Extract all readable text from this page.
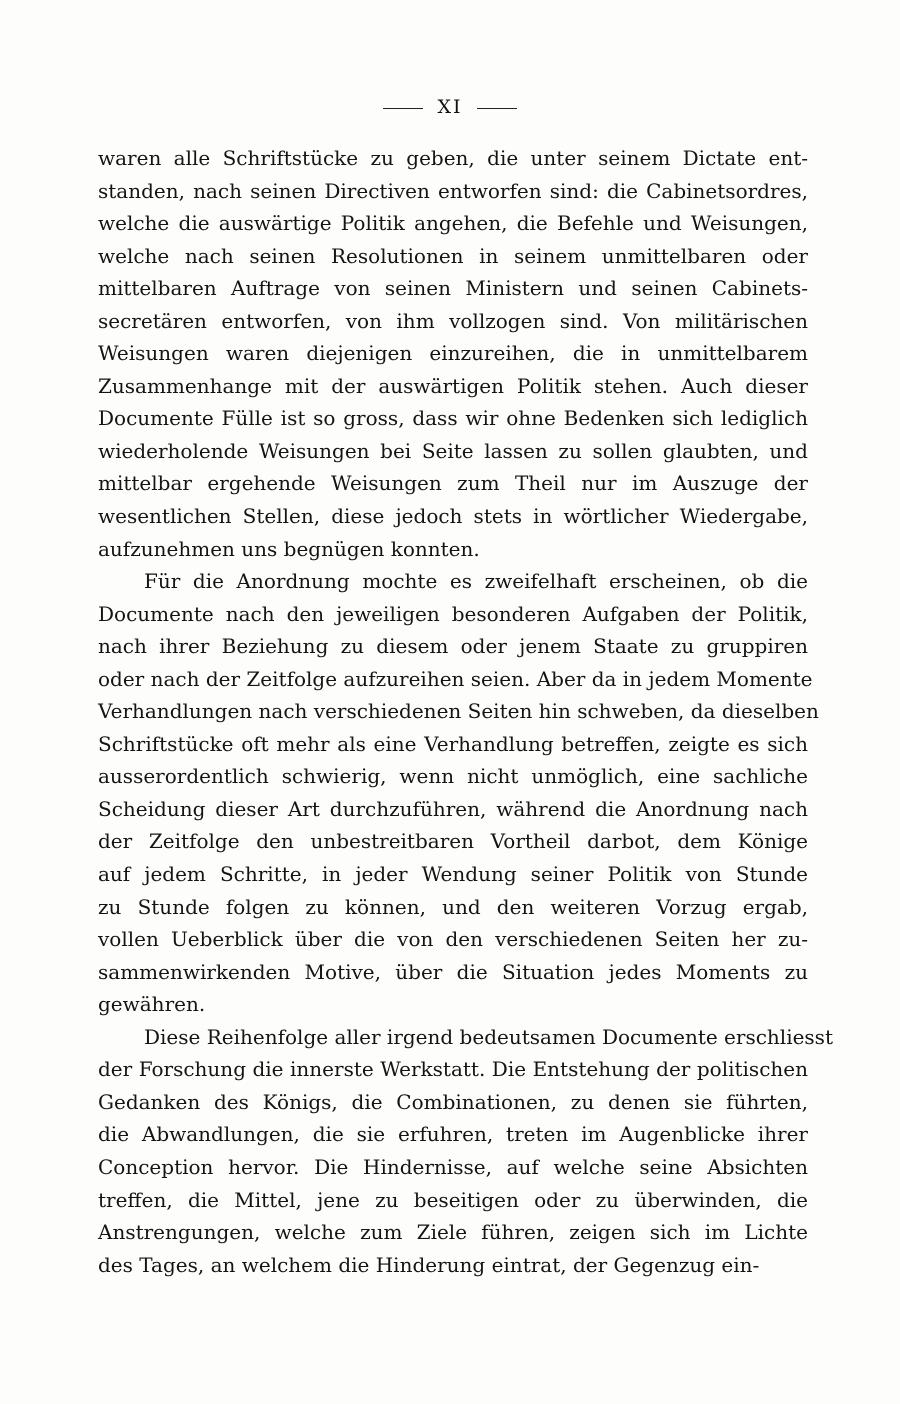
XI
waren alle Schriftstücke zu geben, die unter seinem Dictate ent-
standen, nach seinen Directiven entworfen sind: die Cabinetsordres,
welche die auswärtige Politik angehen, die Befehle und Weisungen,
welche nach seinen Resolutionen in seinem unmittelbaren oder
mittelbaren Auftrage von seinen Ministern und seinen Cabinets-
secretären entworfen, von ihm vollzogen sind. Von militärischen
Weisungen waren diejenigen einzureihen, die in unmittelbarem
Zusammenhange mit der auswärtigen Politik stehen. Auch dieser
Documente Fülle ist so gross, dass wir ohne Bedenken sich lediglich
wiederholende Weisungen bei Seite lassen zu sollen glaubten, und
mittelbar ergehende Weisungen zum Theil nur im Auszuge der
wesentlichen Stellen, diese jedoch stets in wörtlicher Wiedergabe,
aufzunehmen uns begnügen konnten.
Für die Anordnung mochte es zweifelhaft erscheinen, ob die
Documente nach den jeweiligen besonderen Aufgaben der Politik,
nach ihrer Beziehung zu diesem oder jenem Staate zu gruppiren
oder nach der Zeitfolge aufzureihen seien. Aber da in jedem Momente
Verhandlungen nach verschiedenen Seiten hin schweben, da dieselben
Schriftstücke oft mehr als eine Verhandlung betreffen, zeigte es sich
ausserordentlich schwierig, wenn nicht unmöglich, eine sachliche
Scheidung dieser Art durchzuführen, während die Anordnung nach
der Zeitfolge den unbestreitbaren Vortheil darbot, dem Könige
auf jedem Schritte, in jeder Wendung seiner Politik von Stunde
zu Stunde folgen zu können, und den weiteren Vorzug ergab,
vollen Ueberblick über die von den verschiedenen Seiten her zu-
sammenwirkenden Motive, über die Situation jedes Moments zu
gewähren.
Diese Reihenfolge aller irgend bedeutsamen Documente erschliesst
der Forschung die innerste Werkstatt. Die Entstehung der politischen
Gedanken des Königs, die Combinationen, zu denen sie führten,
die Abwandlungen, die sie erfuhren, treten im Augenblicke ihrer
Conception hervor. Die Hindernisse, auf welche seine Absichten
treffen, die Mittel, jene zu beseitigen oder zu überwinden, die
Anstrengungen, welche zum Ziele führen, zeigen sich im Lichte
des Tages, an welchem die Hinderung eintrat, der Gegenzug ein-
